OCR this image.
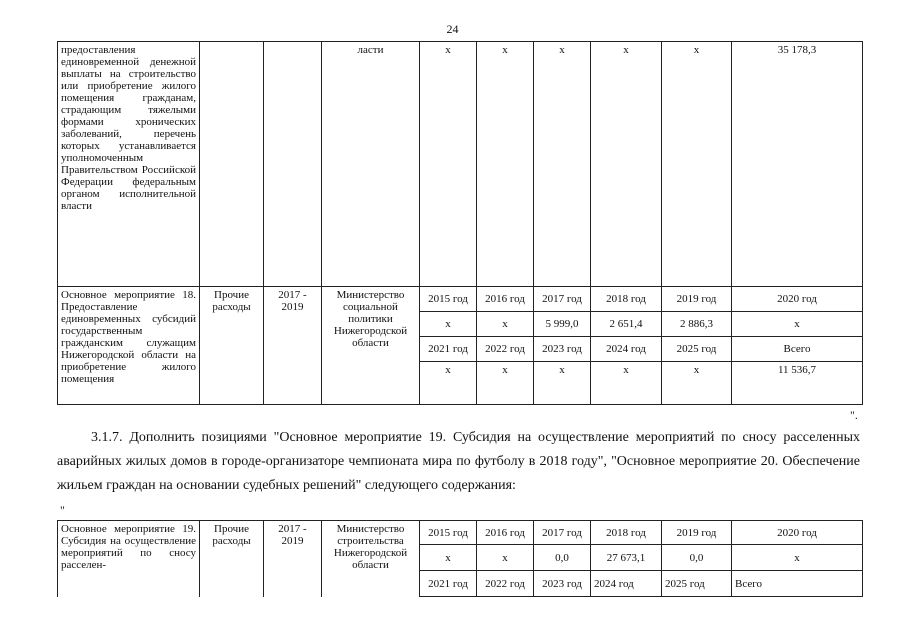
24
предоставления единовременной денежной выплаты на строительство или приобретение жилого помещения гражданам, страдающим тяжелыми формами хронических заболеваний, перечень которых устанавливается уполномоченным Правительством Российской Федерации федеральным органом исполнительной власти			ласти	х	х	х	х	х	35 178,3
Основное мероприятие 18. Предоставление единовременных субсидий государственным гражданским служащим Нижегородской области на приобретение жилого помещения	Прочие расходы	2017 - 2019	Министерство социальной политики Нижегородской области	2015 год	2016 год	2017 год	2018 год	2019 год	2020 год
				х	х	5 999,0	2 651,4	2 886,3	х
				2021 год	2022 год	2023 год	2024 год	2025 год	Всего
				х	х	х	х	х	11 536,7
".
3.1.7. Дополнить позициями "Основное мероприятие 19. Субсидия на осуществление мероприятий по сносу расселенных аварийных жилых домов в городе-организаторе чемпионата мира по футболу в 2018 году", "Основное мероприятие 20. Обеспечение жильем граждан на основании судебных решений" следующего содержания:
"
Основное мероприятие 19. Субсидия на осуществление мероприятий по сносу расселен-	Прочие расходы	2017 - 2019	Министерство строительства Нижегородской области	2015 год	2016 год	2017 год	2018 год	2019 год	2020 год
				х	х	0,0	27 673,1	0,0	х
				2021 год	2022 год	2023 год	2024 год	2025 год	Всего
